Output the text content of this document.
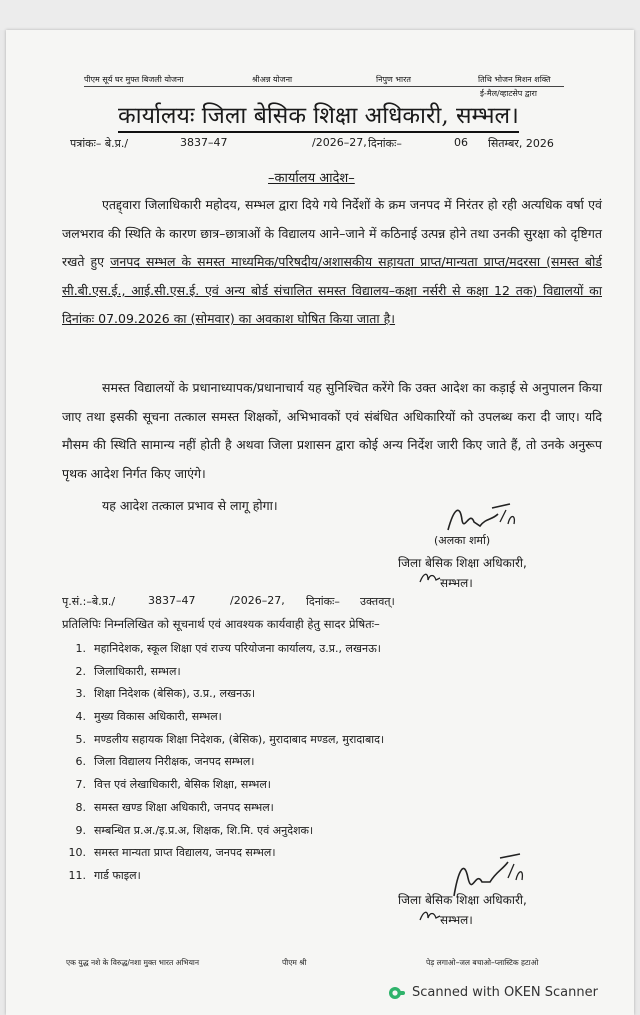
पीएम सूर्य घर मुफ्त बिजली योजना	श्रीअन्न योजना	निपुण भारत	तिथि भोजन मिशन शक्ति
ई-मैल/व्हाटसेप द्वारा
कार्यालयः जिला बेसिक शिक्षा अधिकारी, सम्भल।
पत्रांकः– बे.प्र./	3837–47	/2026–27, दिनांकः–	06 सितम्बर, 2026
–कार्यालय आदेश–

एतद्द्वारा जिलाधिकारी महोदय, सम्भल द्वारा दिये गये निर्देशों के क्रम जनपद में निरंतर हो रही अत्यधिक वर्षा एवं जलभराव की स्थिति के कारण छात्र–छात्राओं के विद्यालय आने–जाने में कठिनाई उत्पन्न होने तथा उनकी सुरक्षा को दृष्टिगत रखते हुए जनपद सम्भल के समस्त माध्यमिक/परिषदीय/अशासकीय सहायता प्राप्त/मान्यता प्राप्त/मदरसा (समस्त बोर्ड सी.बी.एस.ई., आई.सी.एस.ई. एवं अन्य बोर्ड संचालित समस्त विद्यालय–कक्षा नर्सरी से कक्षा 12 तक) विद्यालयों का दिनांकः 07.09.2026 का (सोमवार) का अवकाश घोषित किया जाता है।

समस्त विद्यालयों के प्रधानाध्यापक/प्रधानाचार्य यह सुनिश्चित करेंगे कि उक्त आदेश का कड़ाई से अनुपालन किया जाए तथा इसकी सूचना तत्काल समस्त शिक्षकों, अभिभावकों एवं संबंधित अधिकारियों को उपलब्ध करा दी जाए। यदि मौसम की स्थिति सामान्य नहीं होती है अथवा जिला प्रशासन द्वारा कोई अन्य निर्देश जारी किए जाते हैं, तो उनके अनुरूप पृथक आदेश निर्गत किए जाएंगे।

यह आदेश तत्काल प्रभाव से लागू होगा।
(अलका शर्मा)
जिला बेसिक शिक्षा अधिकारी,
सम्भल।
पृ.सं.:–बे.प्र./	3837–47	/2026–27, दिनांकः– उक्तवत्।
प्रतिलिपिः निम्नलिखित को सूचनार्थ एवं आवश्यक कार्यवाही हेतु सादर प्रेषितः–
1. महानिदेशक, स्कूल शिक्षा एवं राज्य परियोजना कार्यालय, उ.प्र., लखनऊ।
2. जिलाधिकारी, सम्भल।
3. शिक्षा निदेशक (बेसिक), उ.प्र., लखनऊ।
4. मुख्य विकास अधिकारी, सम्भल।
5. मण्डलीय सहायक शिक्षा निदेशक, (बेसिक), मुरादाबाद मण्डल, मुरादाबाद।
6. जिला विद्यालय निरीक्षक, जनपद सम्भल।
7. वित्त एवं लेखाधिकारी, बेसिक शिक्षा, सम्भल।
8. समस्त खण्ड शिक्षा अधिकारी, जनपद सम्भल।
9. सम्बन्धित प्र.अ./इ.प्र.अ, शिक्षक, शि.मि. एवं अनुदेशक।
10. समस्त मान्यता प्राप्त विद्यालय, जनपद सम्भल।
11. गार्ड फाइल।
जिला बेसिक शिक्षा अधिकारी,
सम्भल।
एक युद्ध नशे के विरुद्ध/नशा मुक्त भारत अभियान	पीएम श्री	पेड़ लगाओ–जल बचाओ–प्लास्टिक हटाओ
Scanned with OKEN Scanner
